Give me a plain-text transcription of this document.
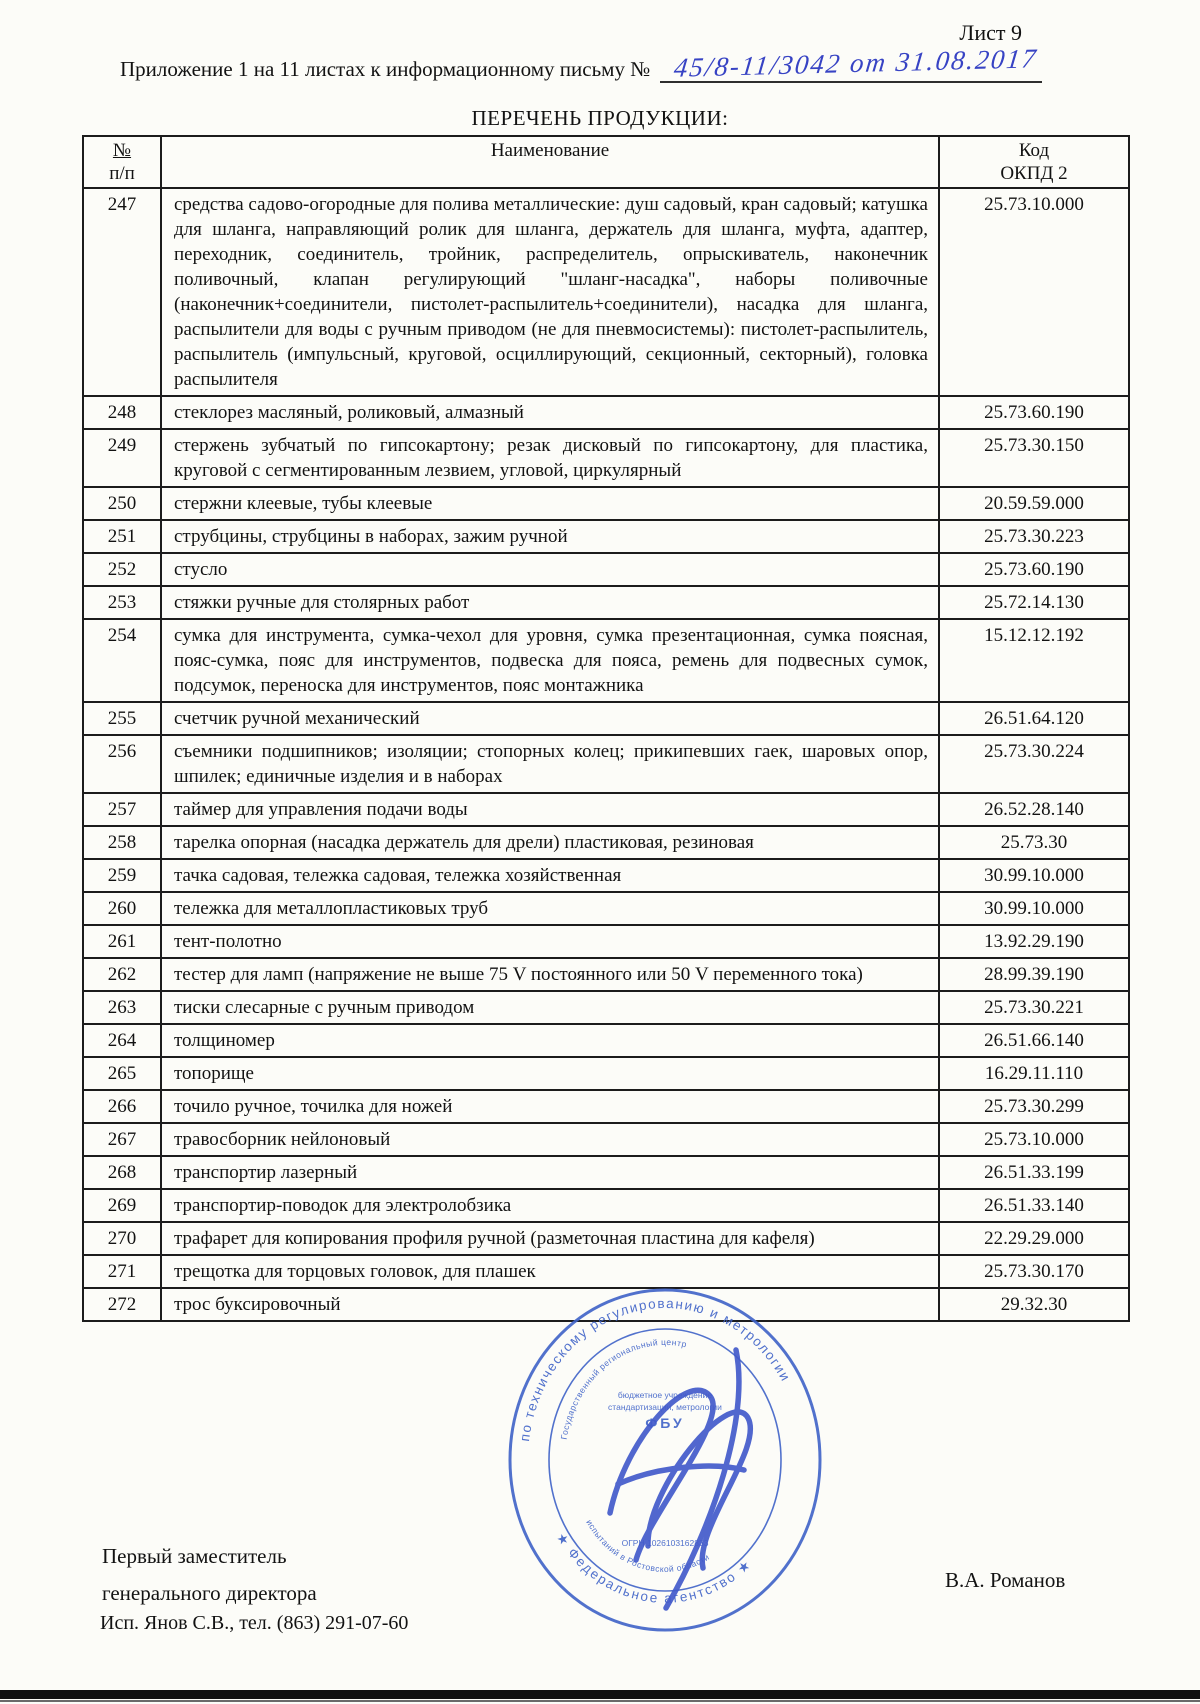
Лист 9
Приложение 1 на 11 листах к информационному письму № 45/8-11/3042 от 31.08.2017
ПЕРЕЧЕНЬ ПРОДУКЦИИ:
№
п/п	Наименование	Код
ОКПД 2
247	средства садово-огородные для полива металлические: душ садовый, кран садовый; катушка для шланга, направляющий ролик для шланга, держатель для шланга, муфта, адаптер, переходник, соединитель, тройник, распределитель, опрыскиватель, наконечник поливочный, клапан регулирующий "шланг-насадка", наборы поливочные (наконечник+соединители, пистолет-распылитель+соединители), насадка для шланга, распылители для воды с ручным приводом (не для пневмосистемы): пистолет-распылитель, распылитель (импульсный, круговой, осциллирующий, секционный, секторный), головка распылителя	25.73.10.000
248	стеклорез масляный, роликовый, алмазный	25.73.60.190
249	стержень зубчатый по гипсокартону; резак дисковый по гипсокартону, для пластика, круговой с сегментированным лезвием, угловой, циркулярный	25.73.30.150
250	стержни клеевые, тубы клеевые	20.59.59.000
251	струбцины, струбцины в наборах, зажим ручной	25.73.30.223
252	стусло	25.73.60.190
253	стяжки ручные для столярных работ	25.72.14.130
254	сумка для инструмента, сумка-чехол для уровня, сумка презентационная, сумка поясная, пояс-сумка, пояс для инструментов, подвеска для пояса, ремень для подвесных сумок, подсумок, переноска для инструментов, пояс монтажника	15.12.12.192
255	счетчик ручной механический	26.51.64.120
256	съемники подшипников; изоляции; стопорных колец; прикипевших гаек, шаровых опор, шпилек; единичные изделия и в наборах	25.73.30.224
257	таймер для управления подачи воды	26.52.28.140
258	тарелка опорная (насадка держатель для дрели) пластиковая, резиновая	25.73.30
259	тачка садовая, тележка садовая, тележка хозяйственная	30.99.10.000
260	тележка для металлопластиковых труб	30.99.10.000
261	тент-полотно	13.92.29.190
262	тестер для ламп (напряжение не выше 75 V постоянного или 50 V переменного тока)	28.99.39.190
263	тиски слесарные с ручным приводом	25.73.30.221
264	толщиномер	26.51.66.140
265	топорище	16.29.11.110
266	точило ручное, точилка для ножей	25.73.30.299
267	травосборник нейлоновый	25.73.10.000
268	транспортир лазерный	26.51.33.199
269	транспортир-поводок для электролобзика	26.51.33.140
270	трафарет для копирования профиля ручной (разметочная пластина для кафеля)	22.29.29.000
271	трещотка для торцовых головок, для плашек	25.73.30.170
272	трос буксировочный	29.32.30
Первый заместитель
генерального директора
В.А. Романов
Исп. Янов С.В., тел. (863) 291-07-60
по техническому регулированию и метрологии
★ Федеральное агентство ★
Государственный региональный центр
испытаний в Ростовской области
бюджетное учреждение
стандартизации, метрологии
ФБУ
ОГРН 1026103162833
